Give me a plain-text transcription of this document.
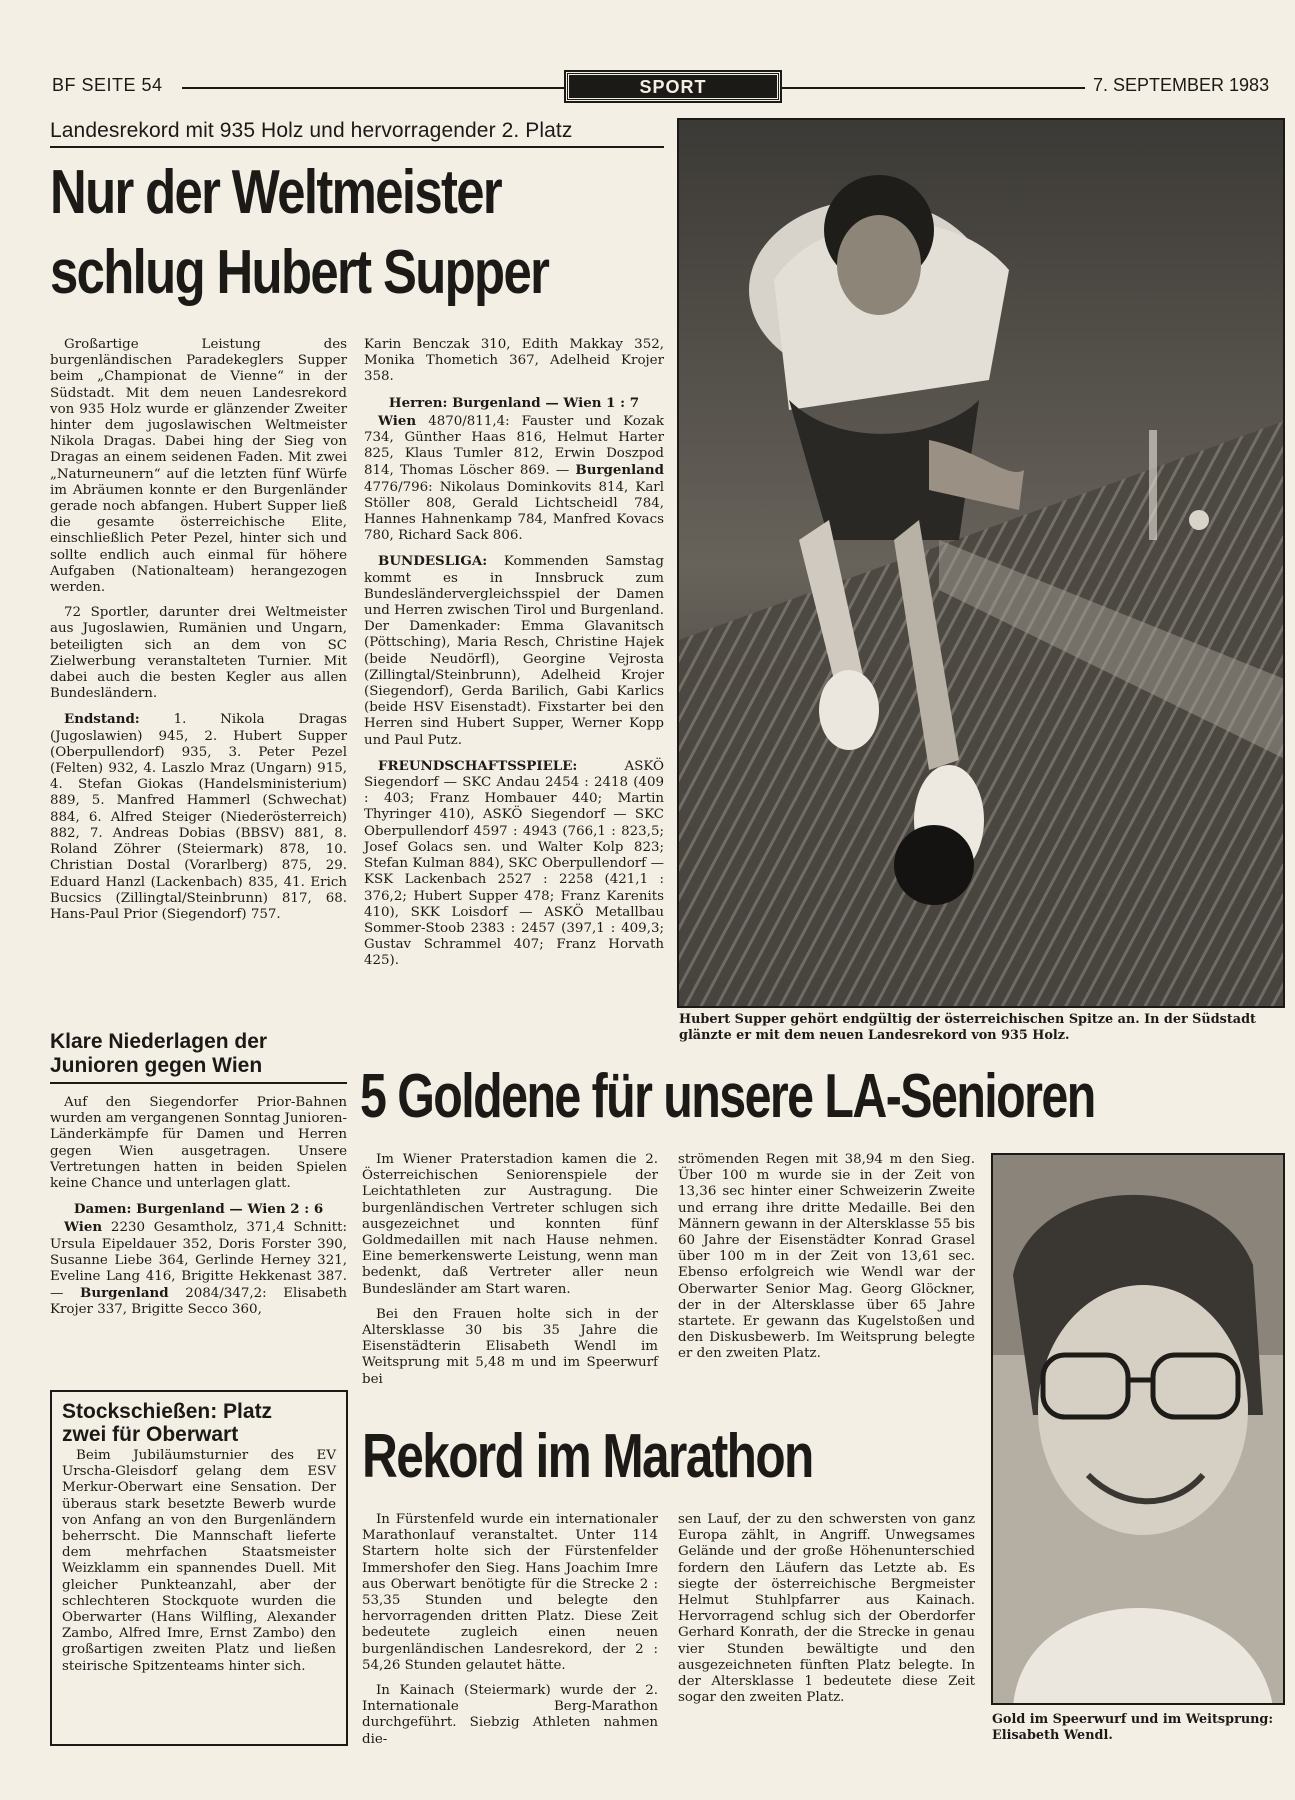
BF SEITE 54	SPORT	7. SEPTEMBER 1983
Landesrekord mit 935 Holz und hervorragender 2. Platz
Nur der Weltmeister
schlug Hubert Supper

Großartige Leistung des burgenländischen Paradekeglers Supper beim „Championat de Vienne“ in der Südstadt. Mit dem neuen Landesrekord von 935 Holz wurde er glänzender Zweiter hinter dem jugoslawischen Weltmeister Nikola Dragas. Dabei hing der Sieg von Dragas an einem seidenen Faden. Mit zwei „Naturneunern“ auf die letzten fünf Würfe im Abräumen konnte er den Burgenländer gerade noch abfangen. Hubert Supper ließ die gesamte österreichische Elite, einschließlich Peter Pezel, hinter sich und sollte endlich auch einmal für höhere Aufgaben (Nationalteam) herangezogen werden.

72 Sportler, darunter drei Weltmeister aus Jugoslawien, Rumänien und Ungarn, beteiligten sich an dem von SC Zielwerbung veranstalteten Turnier. Mit dabei auch die besten Kegler aus allen Bundesländern.

Endstand: 1. Nikola Dragas (Jugoslawien) 945, 2. Hubert Supper (Oberpullendorf) 935, 3. Peter Pezel (Felten) 932, 4. Laszlo Mraz (Ungarn) 915, 4. Stefan Giokas (Handelsministerium) 889, 5. Manfred Hammerl (Schwechat) 884, 6. Alfred Steiger (Niederösterreich) 882, 7. Andreas Dobias (BBSV) 881, 8. Roland Zöhrer (Steiermark) 878, 10. Christian Dostal (Vorarlberg) 875, 29. Eduard Hanzl (Lackenbach) 835, 41. Erich Bucsics (Zillingtal/Steinbrunn) 817, 68. Hans-Paul Prior (Siegendorf) 757.

Karin Benczak 310, Edith Makkay 352, Monika Thometich 367, Adelheid Krojer 358.

Herren: Burgenland — Wien 1 : 7

Wien 4870/811,4: Fauster und Kozak 734, Günther Haas 816, Helmut Harter 825, Klaus Tumler 812, Erwin Doszpod 814, Thomas Löscher 869. — Burgenland 4776/796: Nikolaus Dominkovits 814, Karl Stöller 808, Gerald Lichtscheidl 784, Hannes Hahnenkamp 784, Manfred Kovacs 780, Richard Sack 806.

BUNDESLIGA: Kommenden Samstag kommt es in Innsbruck zum Bundesländervergleichsspiel der Damen und Herren zwischen Tirol und Burgenland. Der Damenkader: Emma Glavanitsch (Pöttsching), Maria Resch, Christine Hajek (beide Neudörfl), Georgine Vejrosta (Zillingtal/Steinbrunn), Adelheid Krojer (Siegendorf), Gerda Barilich, Gabi Karlics (beide HSV Eisenstadt). Fixstarter bei den Herren sind Hubert Supper, Werner Kopp und Paul Putz.

FREUNDSCHAFTSSPIELE: ASKÖ Siegendorf — SKC Andau 2454 : 2418 (409 : 403; Franz Hombauer 440; Martin Thyringer 410), ASKÖ Siegendorf — SKC Oberpullendorf 4597 : 4943 (766,1 : 823,5; Josef Golacs sen. und Walter Kolp 823; Stefan Kulman 884), SKC Oberpullendorf — KSK Lackenbach 2527 : 2258 (421,1 : 376,2; Hubert Supper 478; Franz Karenits 410), SKK Loisdorf — ASKÖ Metallbau Sommer-Stoob 2383 : 2457 (397,1 : 409,3; Gustav Schrammel 407; Franz Horvath 425).

Hubert Supper gehört endgültig der österreichischen Spitze an. In der Südstadt glänzte er mit dem neuen Landesrekord von 935 Holz.
Klare Niederlagen der
Junioren gegen Wien

Auf den Siegendorfer Prior-Bahnen wurden am vergangenen Sonntag Junioren-Länderkämpfe für Damen und Herren gegen Wien ausgetragen. Unsere Vertretungen hatten in beiden Spielen keine Chance und unterlagen glatt.

Damen: Burgenland — Wien 2 : 6

Wien 2230 Gesamtholz, 371,4 Schnitt: Ursula Eipeldauer 352, Doris Forster 390, Susanne Liebe 364, Gerlinde Herney 321, Eveline Lang 416, Brigitte Hekkenast 387. — Burgenland 2084/347,2: Elisabeth Krojer 337, Brigitte Secco 360,

5 Goldene für unsere LA-Senioren

Im Wiener Praterstadion kamen die 2. Österreichischen Seniorenspiele der Leichtathleten zur Austragung. Die burgenländischen Vertreter schlugen sich ausgezeichnet und konnten fünf Goldmedaillen mit nach Hause nehmen. Eine bemerkenswerte Leistung, wenn man bedenkt, daß Vertreter aller neun Bundesländer am Start waren.

Bei den Frauen holte sich in der Altersklasse 30 bis 35 Jahre die Eisenstädterin Elisabeth Wendl im Weitsprung mit 5,48 m und im Speerwurf bei

strömenden Regen mit 38,94 m den Sieg. Über 100 m wurde sie in der Zeit von 13,36 sec hinter einer Schweizerin Zweite und errang ihre dritte Medaille. Bei den Männern gewann in der Altersklasse 55 bis 60 Jahre der Eisenstädter Konrad Grasel über 100 m in der Zeit von 13,61 sec. Ebenso erfolgreich wie Wendl war der Oberwarter Senior Mag. Georg Glöckner, der in der Altersklasse über 65 Jahre startete. Er gewann das Kugelstoßen und den Diskusbewerb. Im Weitsprung belegte er den zweiten Platz.

Gold im Speerwurf und im Weitsprung: Elisabeth Wendl.
Stockschießen: Platz
zwei für Oberwart

Beim Jubiläumsturnier des EV Urscha-Gleisdorf gelang dem ESV Merkur-Oberwart eine Sensation. Der überaus stark besetzte Bewerb wurde von Anfang an von den Burgenländern beherrscht. Die Mannschaft lieferte dem mehrfachen Staatsmeister Weizklamm ein spannendes Duell. Mit gleicher Punkteanzahl, aber der schlechteren Stockquote wurden die Oberwarter (Hans Wilfling, Alexander Zambo, Alfred Imre, Ernst Zambo) den großartigen zweiten Platz und ließen steirische Spitzenteams hinter sich.

Rekord im Marathon

In Fürstenfeld wurde ein internationaler Marathonlauf veranstaltet. Unter 114 Startern holte sich der Fürstenfelder Immershofer den Sieg. Hans Joachim Imre aus Oberwart benötigte für die Strecke 2 : 53,35 Stunden und belegte den hervorragenden dritten Platz. Diese Zeit bedeutete zugleich einen neuen burgenländischen Landesrekord, der 2 : 54,26 Stunden gelautet hätte.

In Kainach (Steiermark) wurde der 2. Internationale Berg-Marathon durchgeführt. Siebzig Athleten nahmen die-

sen Lauf, der zu den schwersten von ganz Europa zählt, in Angriff. Unwegsames Gelände und der große Höhenunterschied fordern den Läufern das Letzte ab. Es siegte der österreichische Bergmeister Helmut Stuhlpfarrer aus Kainach. Hervorragend schlug sich der Oberdorfer Gerhard Konrath, der die Strecke in genau vier Stunden bewältigte und den ausgezeichneten fünften Platz belegte. In der Altersklasse 1 bedeutete diese Zeit sogar den zweiten Platz.
